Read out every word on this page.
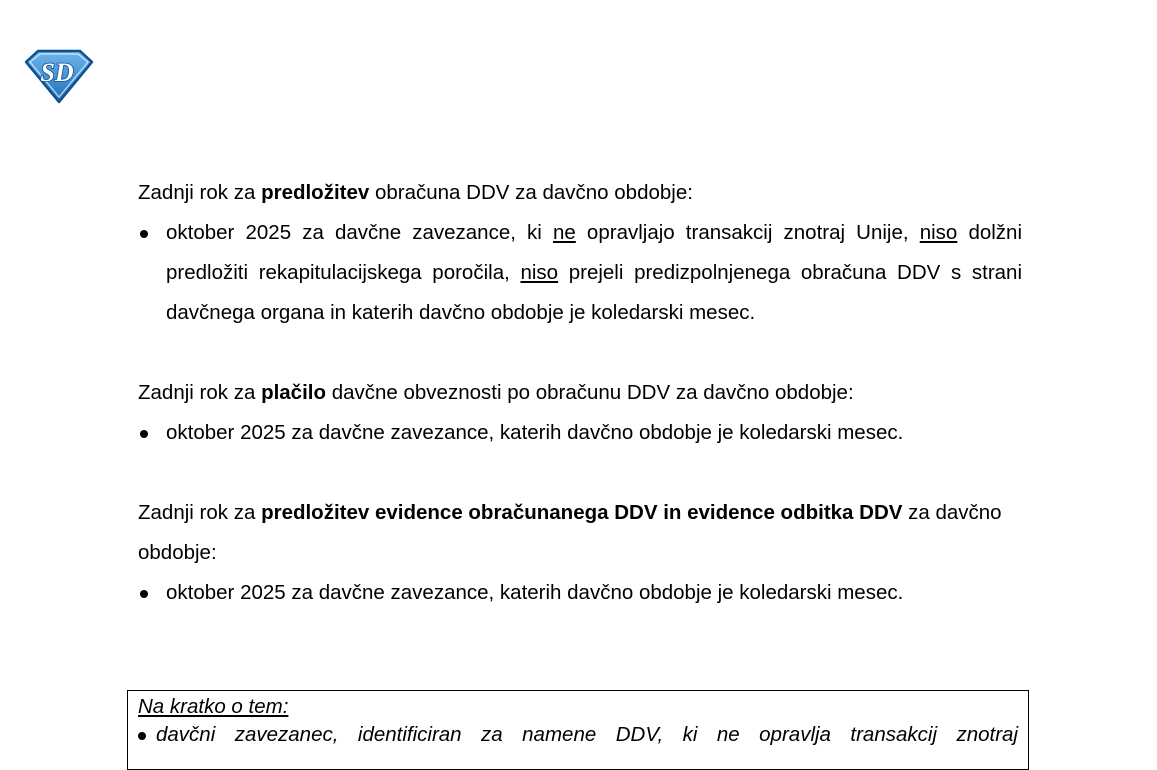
SD

Zadnji rok za predložitev obračuna DDV za davčno obdobje:

oktober 2025 za davčne zavezance, ki ne opravljajo transakcij znotraj Unije, niso dolžni predložiti rekapitulacijskega poročila, niso prejeli predizpolnjenega obračuna DDV s strani davčnega organa in katerih davčno obdobje je koledarski mesec.

Zadnji rok za plačilo davčne obveznosti po obračunu DDV za davčno obdobje:

oktober 2025 za davčne zavezance, katerih davčno obdobje je koledarski mesec.

Zadnji rok za predložitev evidence obračunanega DDV in evidence odbitka DDV za davčno obdobje:

oktober 2025 za davčne zavezance, katerih davčno obdobje je koledarski mesec.

Na kratko o tem:

davčni zavezanec, identificiran za namene DDV, ki ne opravlja transakcij znotraj
